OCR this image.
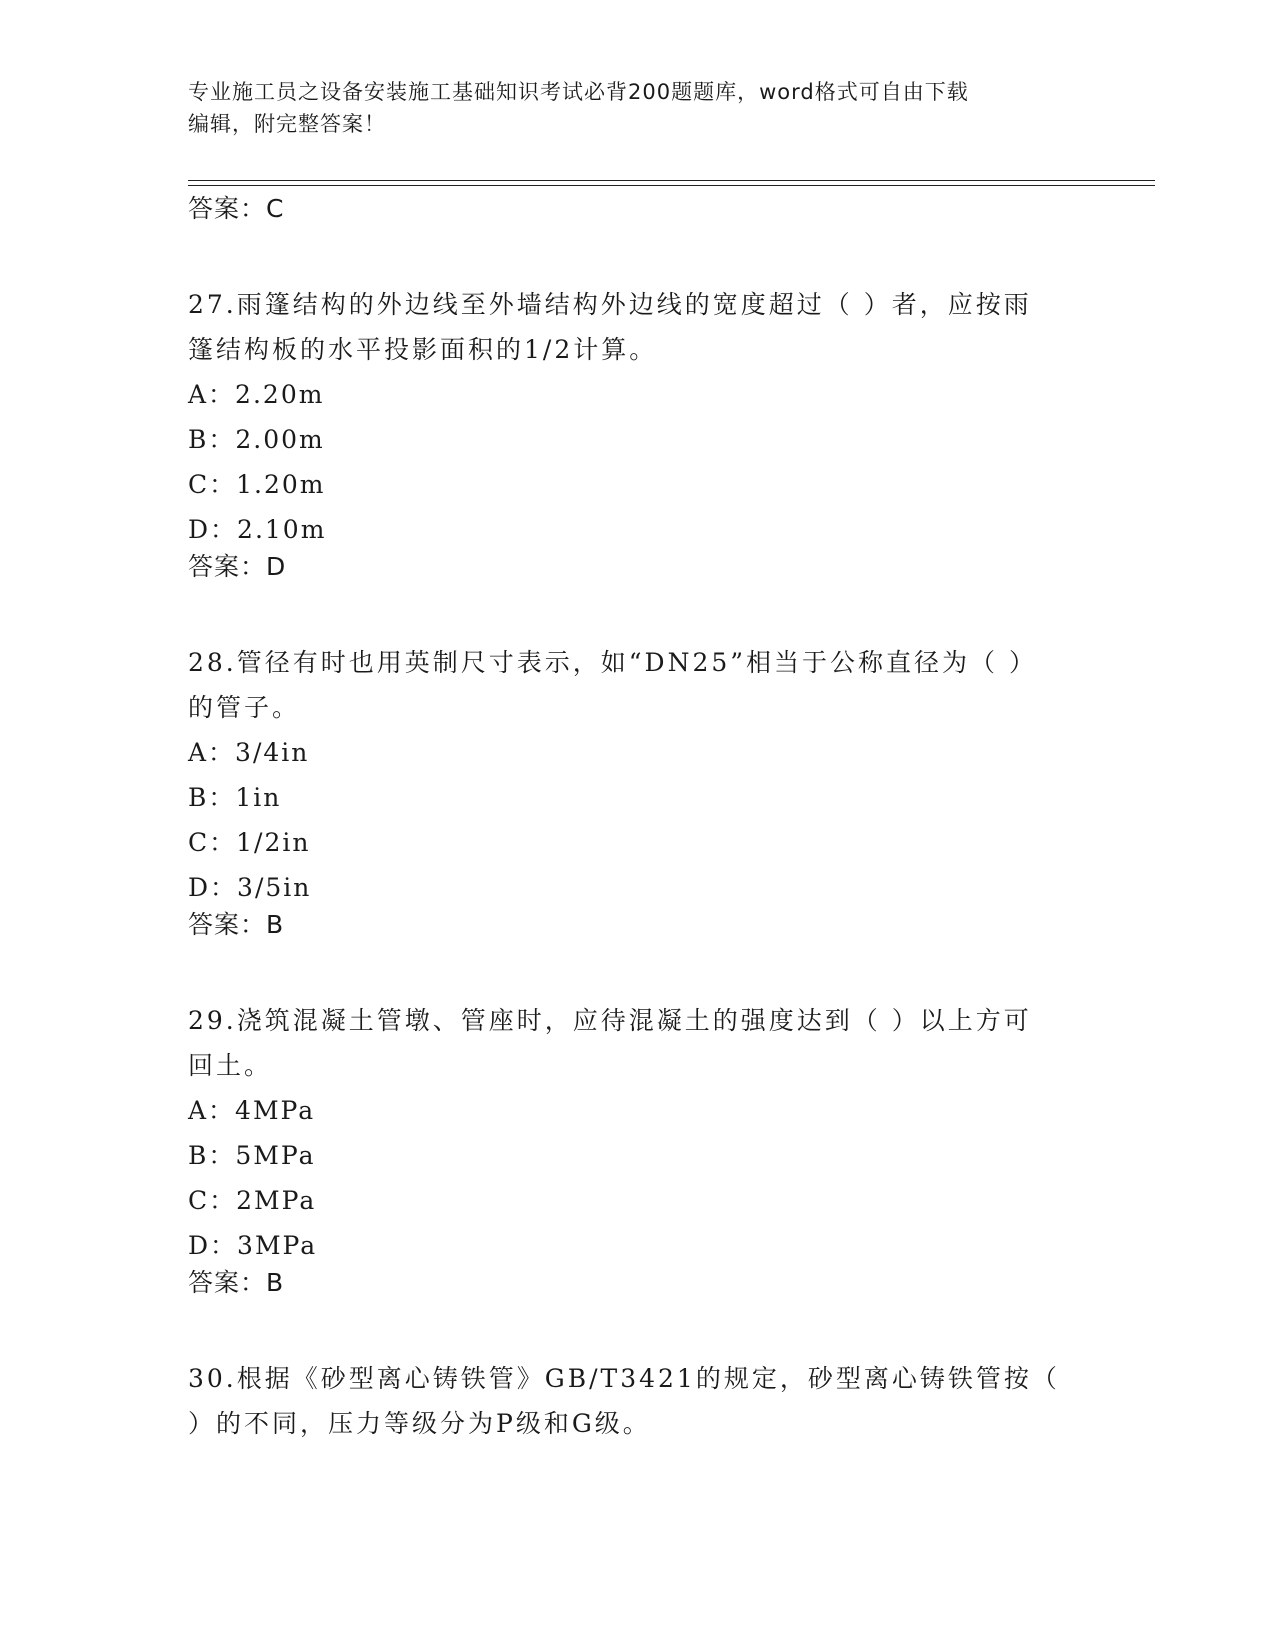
专业施工员之设备安装施工基础知识考试必背200题题库，word格式可自由下载
编辑，附完整答案！
答案：C
27.雨篷结构的外边线至外墙结构外边线的宽度超过（ ）者，应按雨
篷结构板的水平投影面积的1/2计算。
A：2.20m
B：2.00m
C：1.20m
D：2.10m
答案：D
28.管径有时也用英制尺寸表示，如“DN25”相当于公称直径为（ ）
的管子。
A：3/4in
B：1in
C：1/2in
D：3/5in
答案：B
29.浇筑混凝土管墩、管座时，应待混凝土的强度达到（ ）以上方可
回土。
A：4MPa
B：5MPa
C：2MPa
D：3MPa
答案：B
30.根据《砂型离心铸铁管》GB/T3421的规定，砂型离心铸铁管按（
）的不同，压力等级分为P级和G级。
